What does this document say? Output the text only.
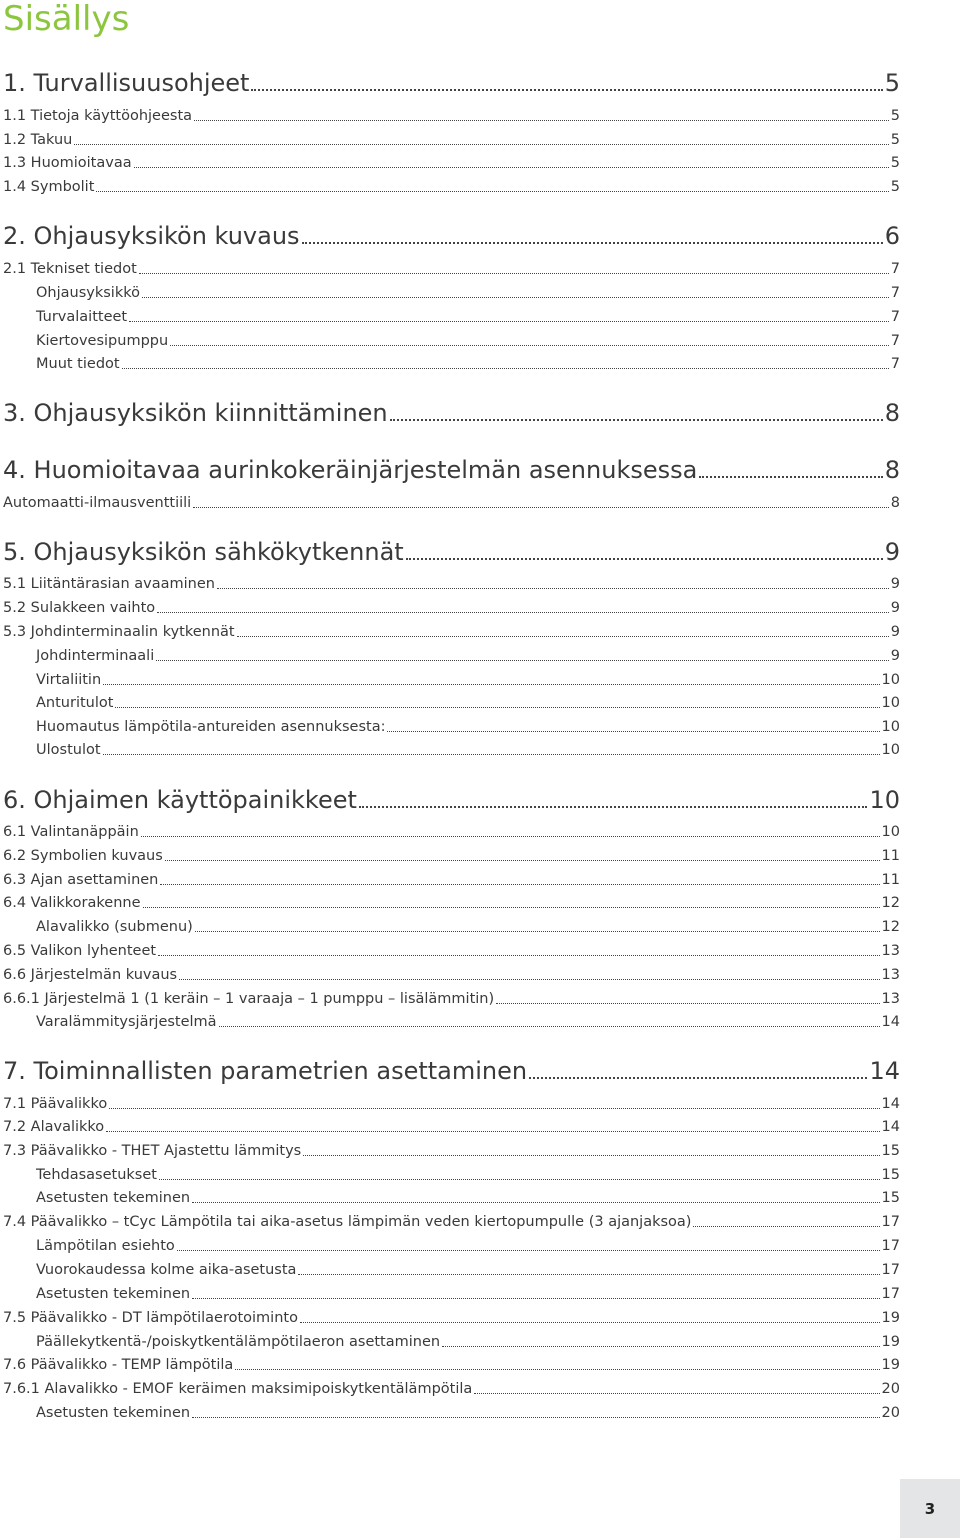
Sisällys
1. Turvallisuusohjeet	5
1.1 Tietoja käyttöohjeesta	5
1.2 Takuu	5
1.3 Huomioitavaa	5
1.4 Symbolit	5
2. Ohjausyksikön kuvaus	6
2.1 Tekniset tiedot	7
Ohjausyksikkö	7
Turvalaitteet	7
Kiertovesipumppu	7
Muut tiedot	7
3. Ohjausyksikön kiinnittäminen	8
4. Huomioitavaa aurinkokeräinjärjestelmän asennuksessa	8
Automaatti-ilmausventtiili	8
5. Ohjausyksikön sähkökytkennät	9
5.1 Liitäntärasian avaaminen	9
5.2 Sulakkeen vaihto	9
5.3 Johdinterminaalin kytkennät	9
Johdinterminaali	9
Virtaliitin	10
Anturitulot	10
Huomautus lämpötila-antureiden asennuksesta:	10
Ulostulot	10
6. Ohjaimen käyttöpainikkeet	10
6.1 Valintanäppäin	10
6.2 Symbolien kuvaus	11
6.3 Ajan asettaminen	11
6.4 Valikkorakenne	12
Alavalikko (submenu)	12
6.5 Valikon lyhenteet	13
6.6 Järjestelmän kuvaus	13
6.6.1 Järjestelmä 1 (1 keräin – 1 varaaja – 1 pumppu – lisälämmitin)	13
Varalämmitysjärjestelmä	14
7. Toiminnallisten parametrien asettaminen	14
7.1 Päävalikko	14
7.2 Alavalikko	14
7.3 Päävalikko - THET Ajastettu lämmitys	15
Tehdasasetukset	15
Asetusten tekeminen	15
7.4 Päävalikko – tCyc Lämpötila tai aika-asetus lämpimän veden kiertopumpulle (3 ajanjaksoa)	17
Lämpötilan esiehto	17
Vuorokaudessa kolme aika-asetusta	17
Asetusten tekeminen	17
7.5 Päävalikko - DT lämpötilaerotoiminto	19
Päällekytkentä-/poiskytkentälämpötilaeron asettaminen	19
7.6 Päävalikko - TEMP lämpötila	19
7.6.1 Alavalikko - EMOF keräimen maksimipoiskytkentälämpötila	20
Asetusten tekeminen	20
3
